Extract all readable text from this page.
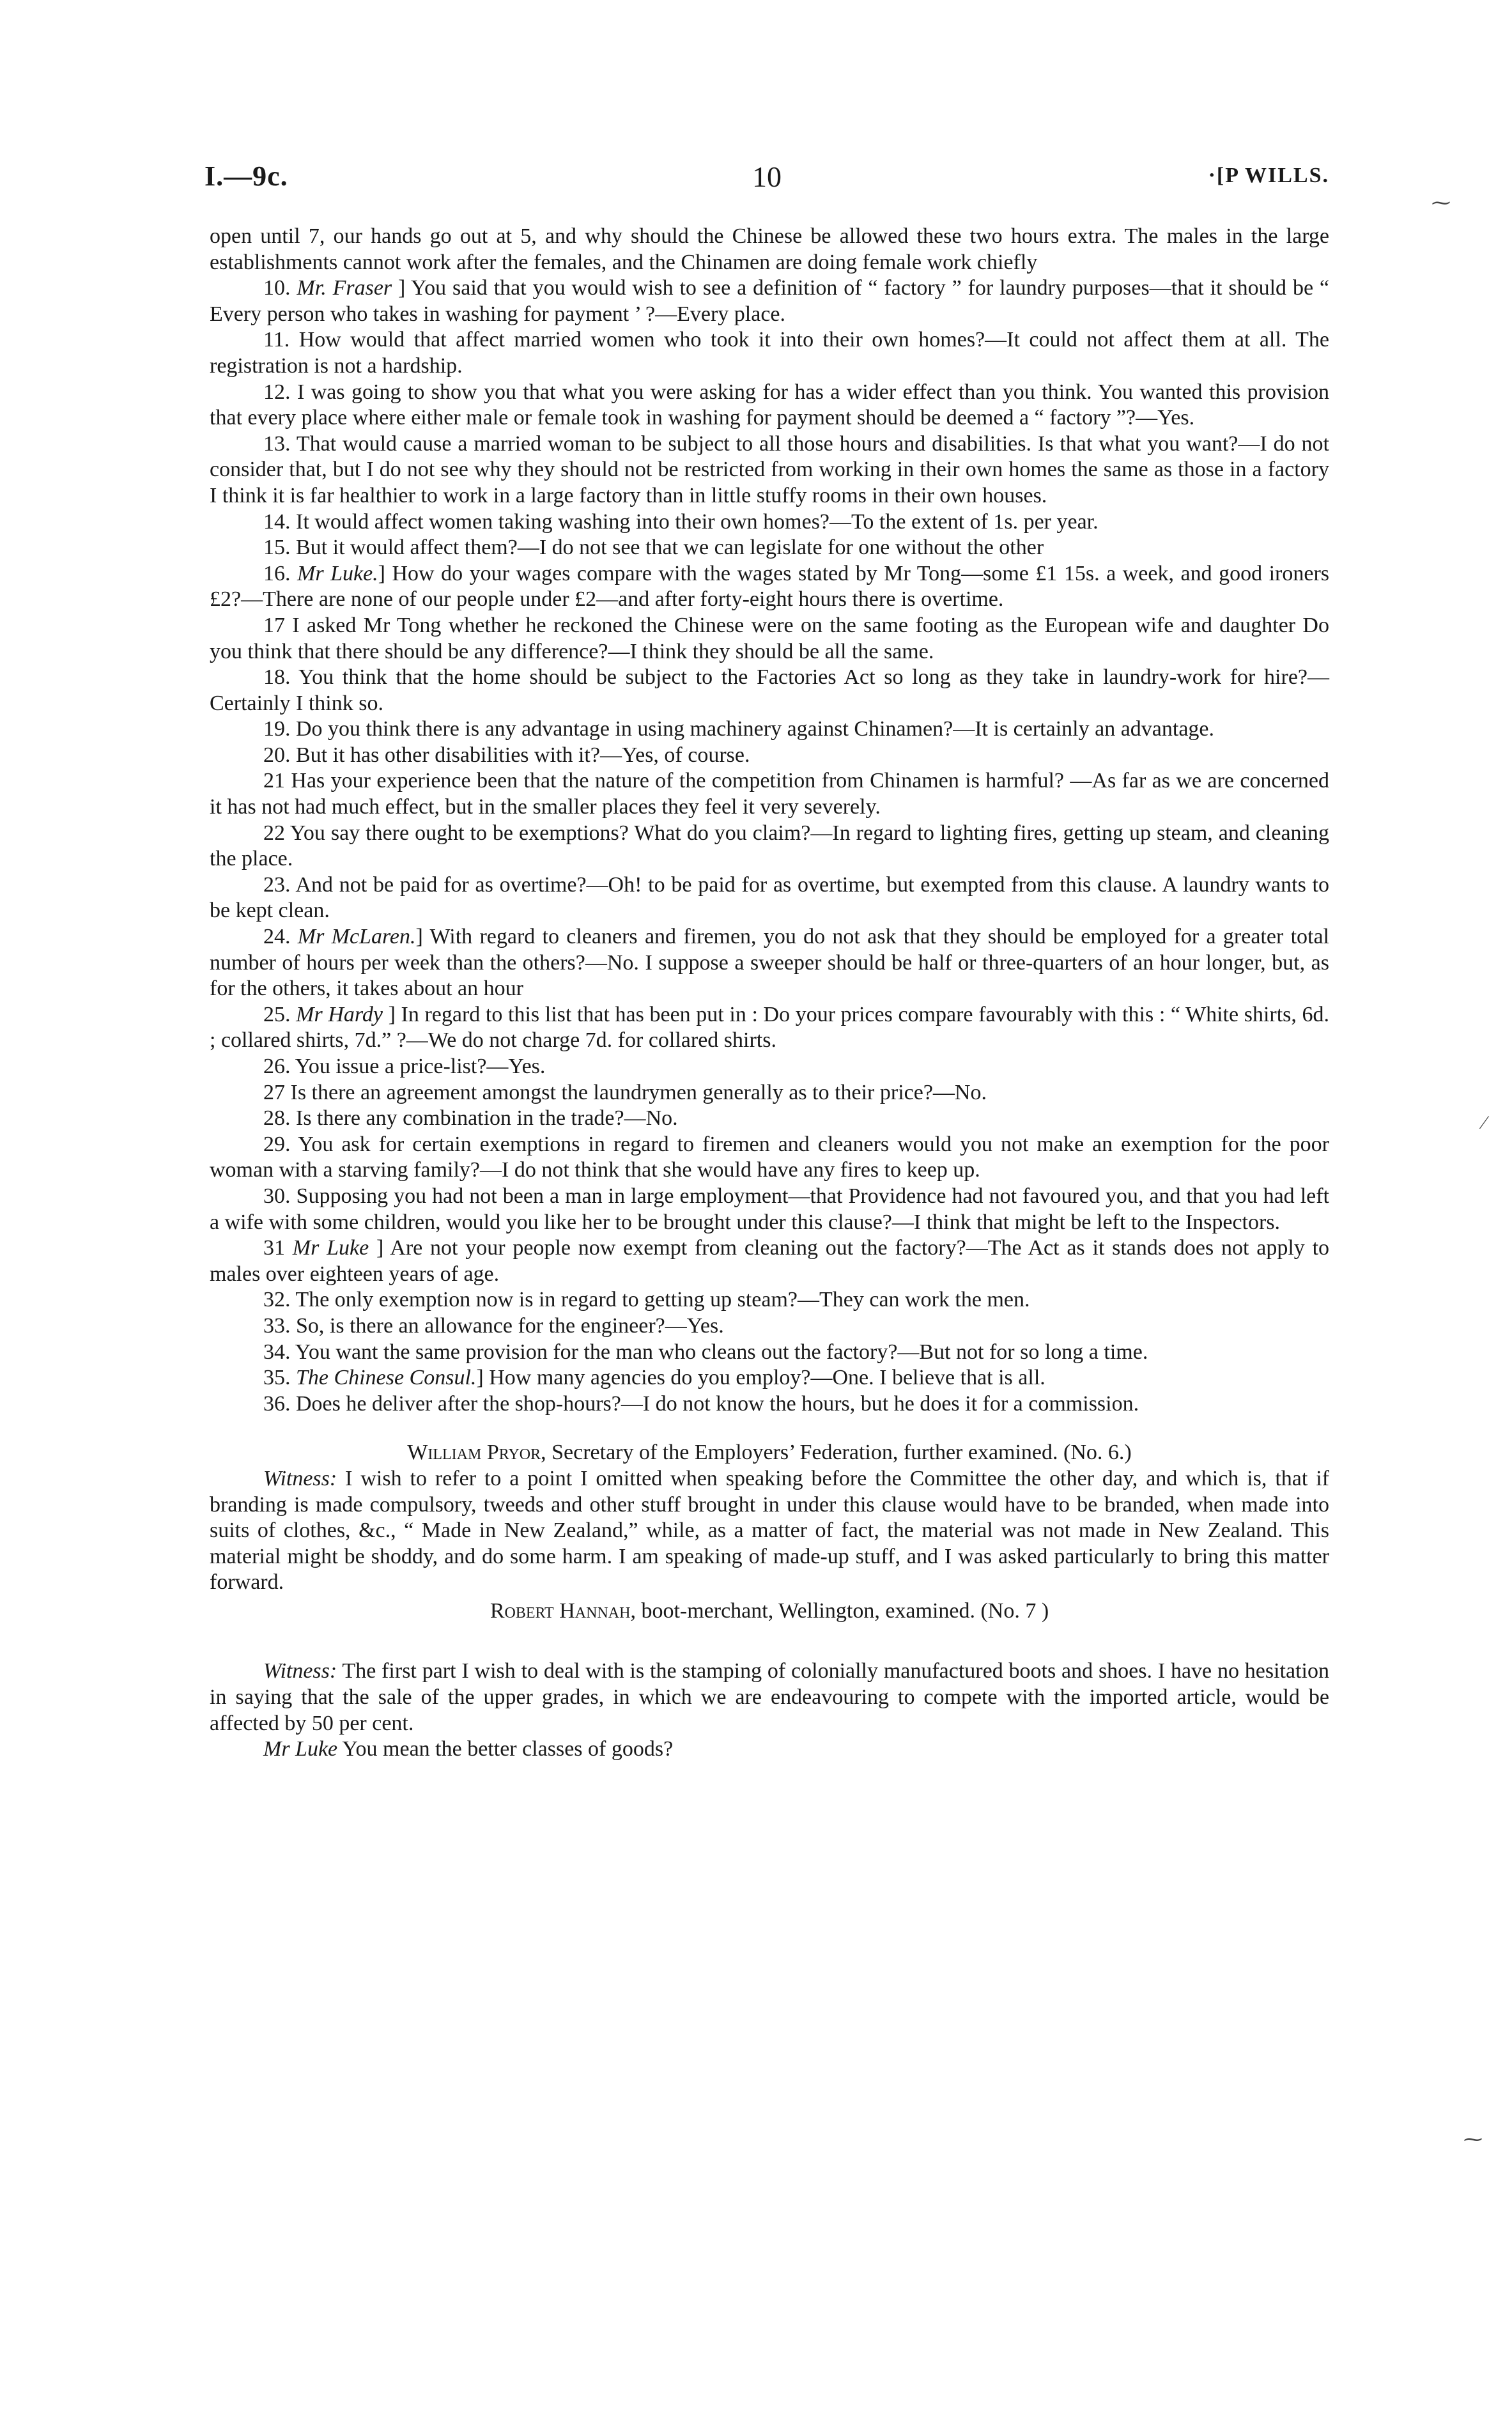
I.—9c.	10	·[P WILLS.
⁓
⁄
⁓

open until 7, our hands go out at 5, and why should the Chinese be allowed these two hours extra. The males in the large establishments cannot work after the females, and the Chinamen are doing female work chiefly

10. Mr. Fraser ] You said that you would wish to see a definition of “ factory ” for laundry purposes—that it should be “ Every person who takes in washing for payment ’ ?—Every place.

11. How would that affect married women who took it into their own homes?—It could not affect them at all. The registration is not a hardship.

12. I was going to show you that what you were asking for has a wider effect than you think. You wanted this provision that every place where either male or female took in washing for payment should be deemed a “ factory ”?—Yes.

13. That would cause a married woman to be subject to all those hours and disabilities. Is that what you want?—I do not consider that, but I do not see why they should not be restricted from working in their own homes the same as those in a factory I think it is far healthier to work in a large factory than in little stuffy rooms in their own houses.

14. It would affect women taking washing into their own homes?—To the extent of 1s. per year.

15. But it would affect them?—I do not see that we can legislate for one without the other

16. Mr Luke.] How do your wages compare with the wages stated by Mr Tong—some £1 15s. a week, and good ironers £2?—There are none of our people under £2—and after forty-eight hours there is overtime.

17 I asked Mr Tong whether he reckoned the Chinese were on the same footing as the European wife and daughter Do you think that there should be any difference?—I think they should be all the same.

18. You think that the home should be subject to the Factories Act so long as they take in laundry-work for hire?—Certainly I think so.

19. Do you think there is any advantage in using machinery against Chinamen?—It is certainly an advantage.

20. But it has other disabilities with it?—Yes, of course.

21 Has your experience been that the nature of the competition from Chinamen is harmful? —As far as we are concerned it has not had much effect, but in the smaller places they feel it very severely.

22 You say there ought to be exemptions? What do you claim?—In regard to lighting fires, getting up steam, and cleaning the place.

23. And not be paid for as overtime?—Oh! to be paid for as overtime, but exempted from this clause. A laundry wants to be kept clean.

24. Mr McLaren.] With regard to cleaners and firemen, you do not ask that they should be employed for a greater total number of hours per week than the others?—No. I suppose a sweeper should be half or three-quarters of an hour longer, but, as for the others, it takes about an hour

25. Mr Hardy ] In regard to this list that has been put in : Do your prices compare favourably with this : “ White shirts, 6d. ; collared shirts, 7d.” ?—We do not charge 7d. for collared shirts.

26. You issue a price-list?—Yes.

27 Is there an agreement amongst the laundrymen generally as to their price?—No.

28. Is there any combination in the trade?—No.

29. You ask for certain exemptions in regard to firemen and cleaners would you not make an exemption for the poor woman with a starving family?—I do not think that she would have any fires to keep up.

30. Supposing you had not been a man in large employment—that Providence had not favoured you, and that you had left a wife with some children, would you like her to be brought under this clause?—I think that might be left to the Inspectors.

31 Mr Luke ] Are not your people now exempt from cleaning out the factory?—The Act as it stands does not apply to males over eighteen years of age.

32. The only exemption now is in regard to getting up steam?—They can work the men.

33. So, is there an allowance for the engineer?—Yes.

34. You want the same provision for the man who cleans out the factory?—But not for so long a time.

35. The Chinese Consul.] How many agencies do you employ?—One. I believe that is all.

36. Does he deliver after the shop-hours?—I do not know the hours, but he does it for a commission.

William Pryor, Secretary of the Employers’ Federation, further examined. (No. 6.)

Witness: I wish to refer to a point I omitted when speaking before the Committee the other day, and which is, that if branding is made compulsory, tweeds and other stuff brought in under this clause would have to be branded, when made into suits of clothes, &c., “ Made in New Zealand,” while, as a matter of fact, the material was not made in New Zealand. This material might be shoddy, and do some harm. I am speaking of made-up stuff, and I was asked particularly to bring this matter forward.

Robert Hannah, boot-merchant, Wellington, examined. (No. 7 )

Witness: The first part I wish to deal with is the stamping of colonially manufactured boots and shoes. I have no hesitation in saying that the sale of the upper grades, in which we are endeavouring to compete with the imported article, would be affected by 50 per cent.

Mr Luke You mean the better classes of goods?
